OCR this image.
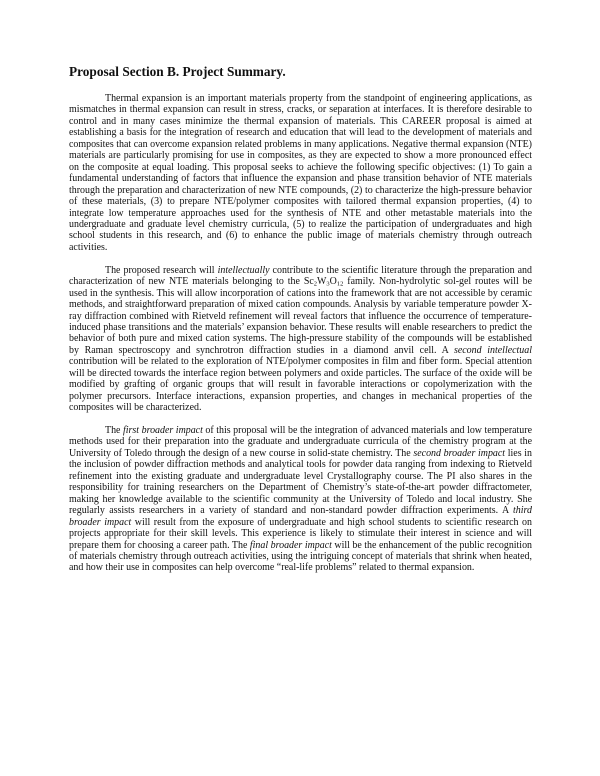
Proposal Section B. Project Summary.

Thermal expansion is an important materials property from the standpoint of engineering applications, as mismatches in thermal expansion can result in stress, cracks, or separation at interfaces. It is therefore desirable to control and in many cases minimize the thermal expansion of materials. This CAREER proposal is aimed at establishing a basis for the integration of research and education that will lead to the development of materials and composites that can overcome expansion related problems in many applications. Negative thermal expansion (NTE) materials are particularly promising for use in composites, as they are expected to show a more pronounced effect on the composite at equal loading. This proposal seeks to achieve the following specific objectives: (1) To gain a fundamental understanding of factors that influence the expansion and phase transition behavior of NTE materials through the preparation and characterization of new NTE compounds, (2) to characterize the high-pressure behavior of these materials, (3) to prepare NTE/polymer composites with tailored thermal expansion properties, (4) to integrate low temperature approaches used for the synthesis of NTE and other metastable materials into the undergraduate and graduate level chemistry curricula, (5) to realize the participation of undergraduates and high school students in this research, and (6) to enhance the public image of materials chemistry through outreach activities.

The proposed research will intellectually contribute to the scientific literature through the preparation and characterization of new NTE materials belonging to the $Sc_2W_3O_{12}$ family. Non-hydrolytic sol-gel routes will be used in the synthesis. This will allow incorporation of cations into the framework that are not accessible by ceramic methods, and straightforward preparation of mixed cation compounds. Analysis by variable temperature powder X-ray diffraction combined with Rietveld refinement will reveal factors that influence the occurrence of temperature-induced phase transitions and the materials’ expansion behavior. These results will enable researchers to predict the behavior of both pure and mixed cation systems. The high-pressure stability of the compounds will be established by Raman spectroscopy and synchrotron diffraction studies in a diamond anvil cell. A second intellectual contribution will be related to the exploration of NTE/polymer composites in film and fiber form. Special attention will be directed towards the interface region between polymers and oxide particles. The surface of the oxide will be modified by grafting of organic groups that will result in favorable interactions or copolymerization with the polymer precursors. Interface interactions, expansion properties, and changes in mechanical properties of the composites will be characterized.

The first broader impact of this proposal will be the integration of advanced materials and low temperature methods used for their preparation into the graduate and undergraduate curricula of the chemistry program at the University of Toledo through the design of a new course in solid-state chemistry. The second broader impact lies in the inclusion of powder diffraction methods and analytical tools for powder data ranging from indexing to Rietveld refinement into the existing graduate and undergraduate level Crystallography course. The PI also shares in the responsibility for training researchers on the Department of Chemistry’s state-of-the-art powder diffractometer, making her knowledge available to the scientific community at the University of Toledo and local industry. She regularly assists researchers in a variety of standard and non-standard powder diffraction experiments. A third broader impact will result from the exposure of undergraduate and high school students to scientific research on projects appropriate for their skill levels. This experience is likely to stimulate their interest in science and will prepare them for choosing a career path. The final broader impact will be the enhancement of the public recognition of materials chemistry through outreach activities, using the intriguing concept of materials that shrink when heated, and how their use in composites can help overcome “real-life problems” related to thermal expansion.
